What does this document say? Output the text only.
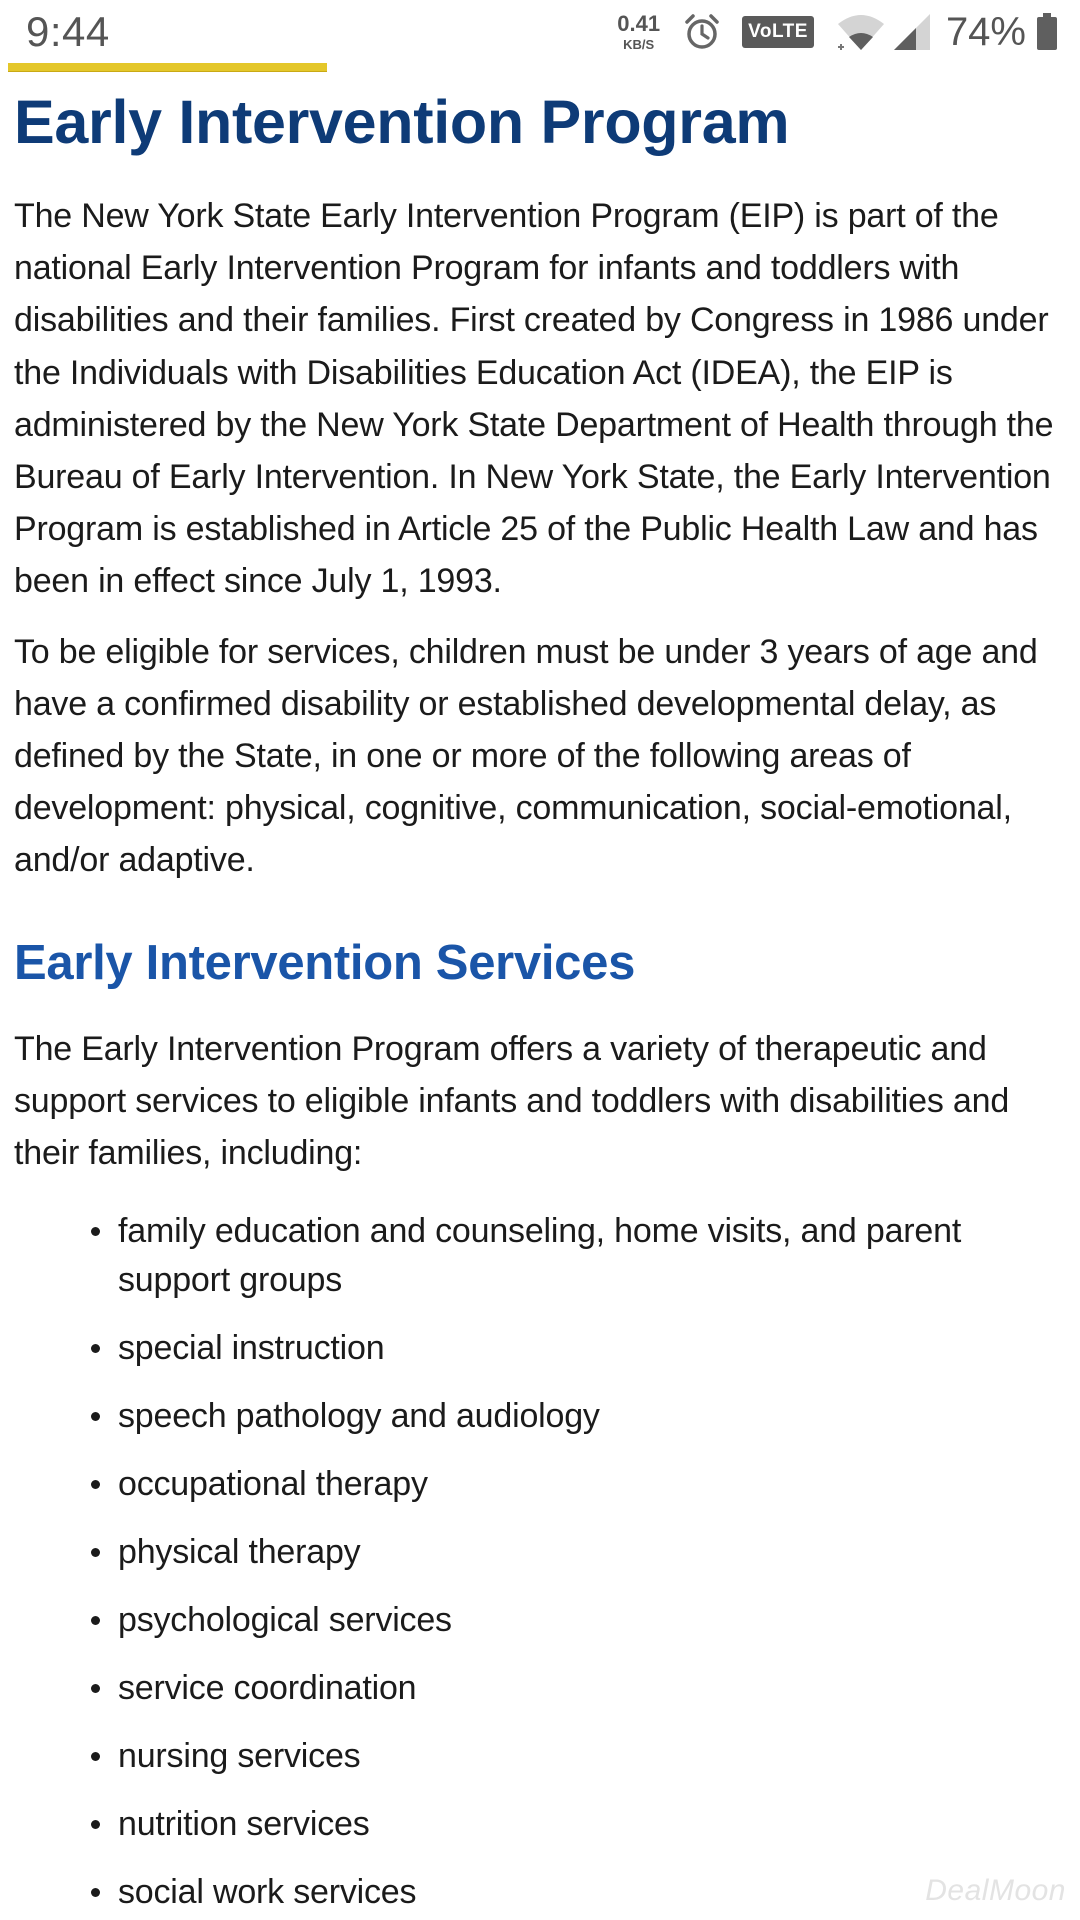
9:44	0.41
KB/S
VoLTE	74%
Early Intervention Program

The New York State Early Intervention Program (EIP) is part of the national Early Intervention Program for infants and toddlers with disabilities and their families. First created by Congress in 1986 under the Individuals with Disabilities Education Act (IDEA), the EIP is administered by the New York State Department of Health through the Bureau of Early Intervention. In New York State, the Early Intervention Program is established in Article 25 of the Public Health Law and has been in effect since July 1, 1993.

To be eligible for services, children must be under 3 years of age and have a confirmed disability or established developmental delay, as defined by the State, in one or more of the following areas of development: physical, cognitive, communication, social-emotional, and/or adaptive.

Early Intervention Services

The Early Intervention Program offers a variety of therapeutic and support services to eligible infants and toddlers with disabilities and their families, including:

family education and counseling, home visits, and parent support groups
special instruction
speech pathology and audiology
occupational therapy
physical therapy
psychological services
service coordination
nursing services
nutrition services
social work services	DealMoon
